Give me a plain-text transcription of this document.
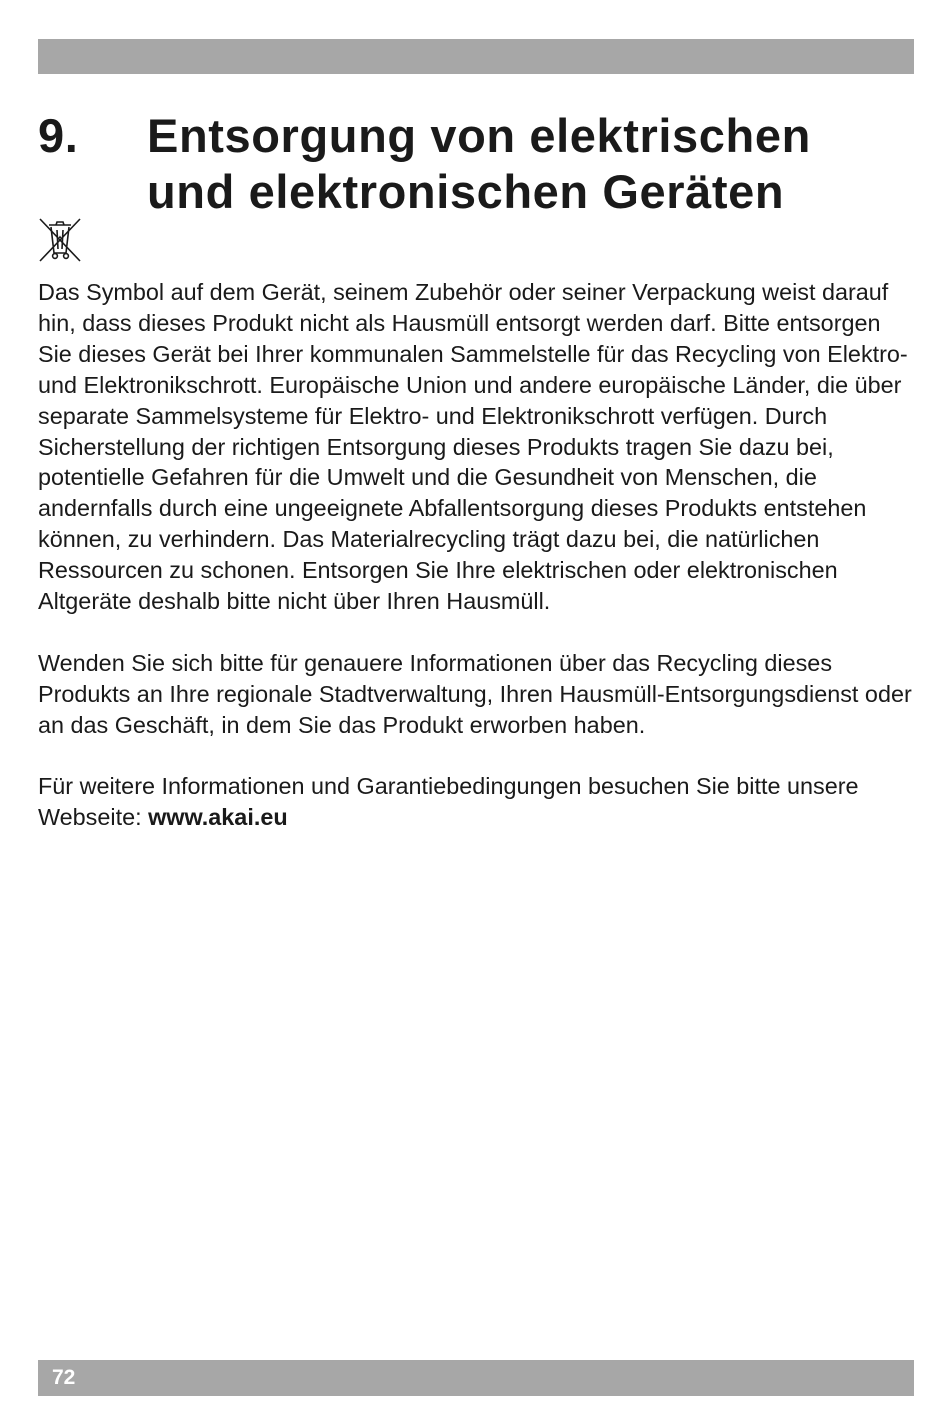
9. Entsorgung von elektrischen
und elektronischen Geräten

Das Symbol auf dem Gerät, seinem Zubehör oder seiner Verpackung weist darauf hin, dass dieses Produkt nicht als Hausmüll entsorgt werden darf. Bitte entsorgen Sie dieses Gerät bei Ihrer kommunalen Sammelstelle für das Recycling von Elektro- und Elektronikschrott. Europäische Union und andere europäische Länder, die über separate Sammelsysteme für Elektro- und Elektronikschrott verfügen. Durch Sicherstellung der richtigen Entsorgung dieses Produkts tragen Sie dazu bei, potentielle Gefahren für die Umwelt und die Gesundheit von Menschen, die andernfalls durch eine ungeeignete Abfallentsorgung dieses Produkts entstehen können, zu verhindern. Das Materialrecycling trägt dazu bei, die natürlichen Ressourcen zu schonen. Entsorgen Sie Ihre elektrischen oder elektronischen Altgeräte deshalb bitte nicht über Ihren Hausmüll.

Wenden Sie sich bitte für genauere Informationen über das Recycling dieses Produkts an Ihre regionale Stadtverwaltung, Ihren Hausmüll-Entsorgungsdienst oder an das Geschäft, in dem Sie das Produkt erworben haben.

Für weitere Informationen und Garantiebedingungen besuchen Sie bitte unsere Webseite: www.akai.eu

72
